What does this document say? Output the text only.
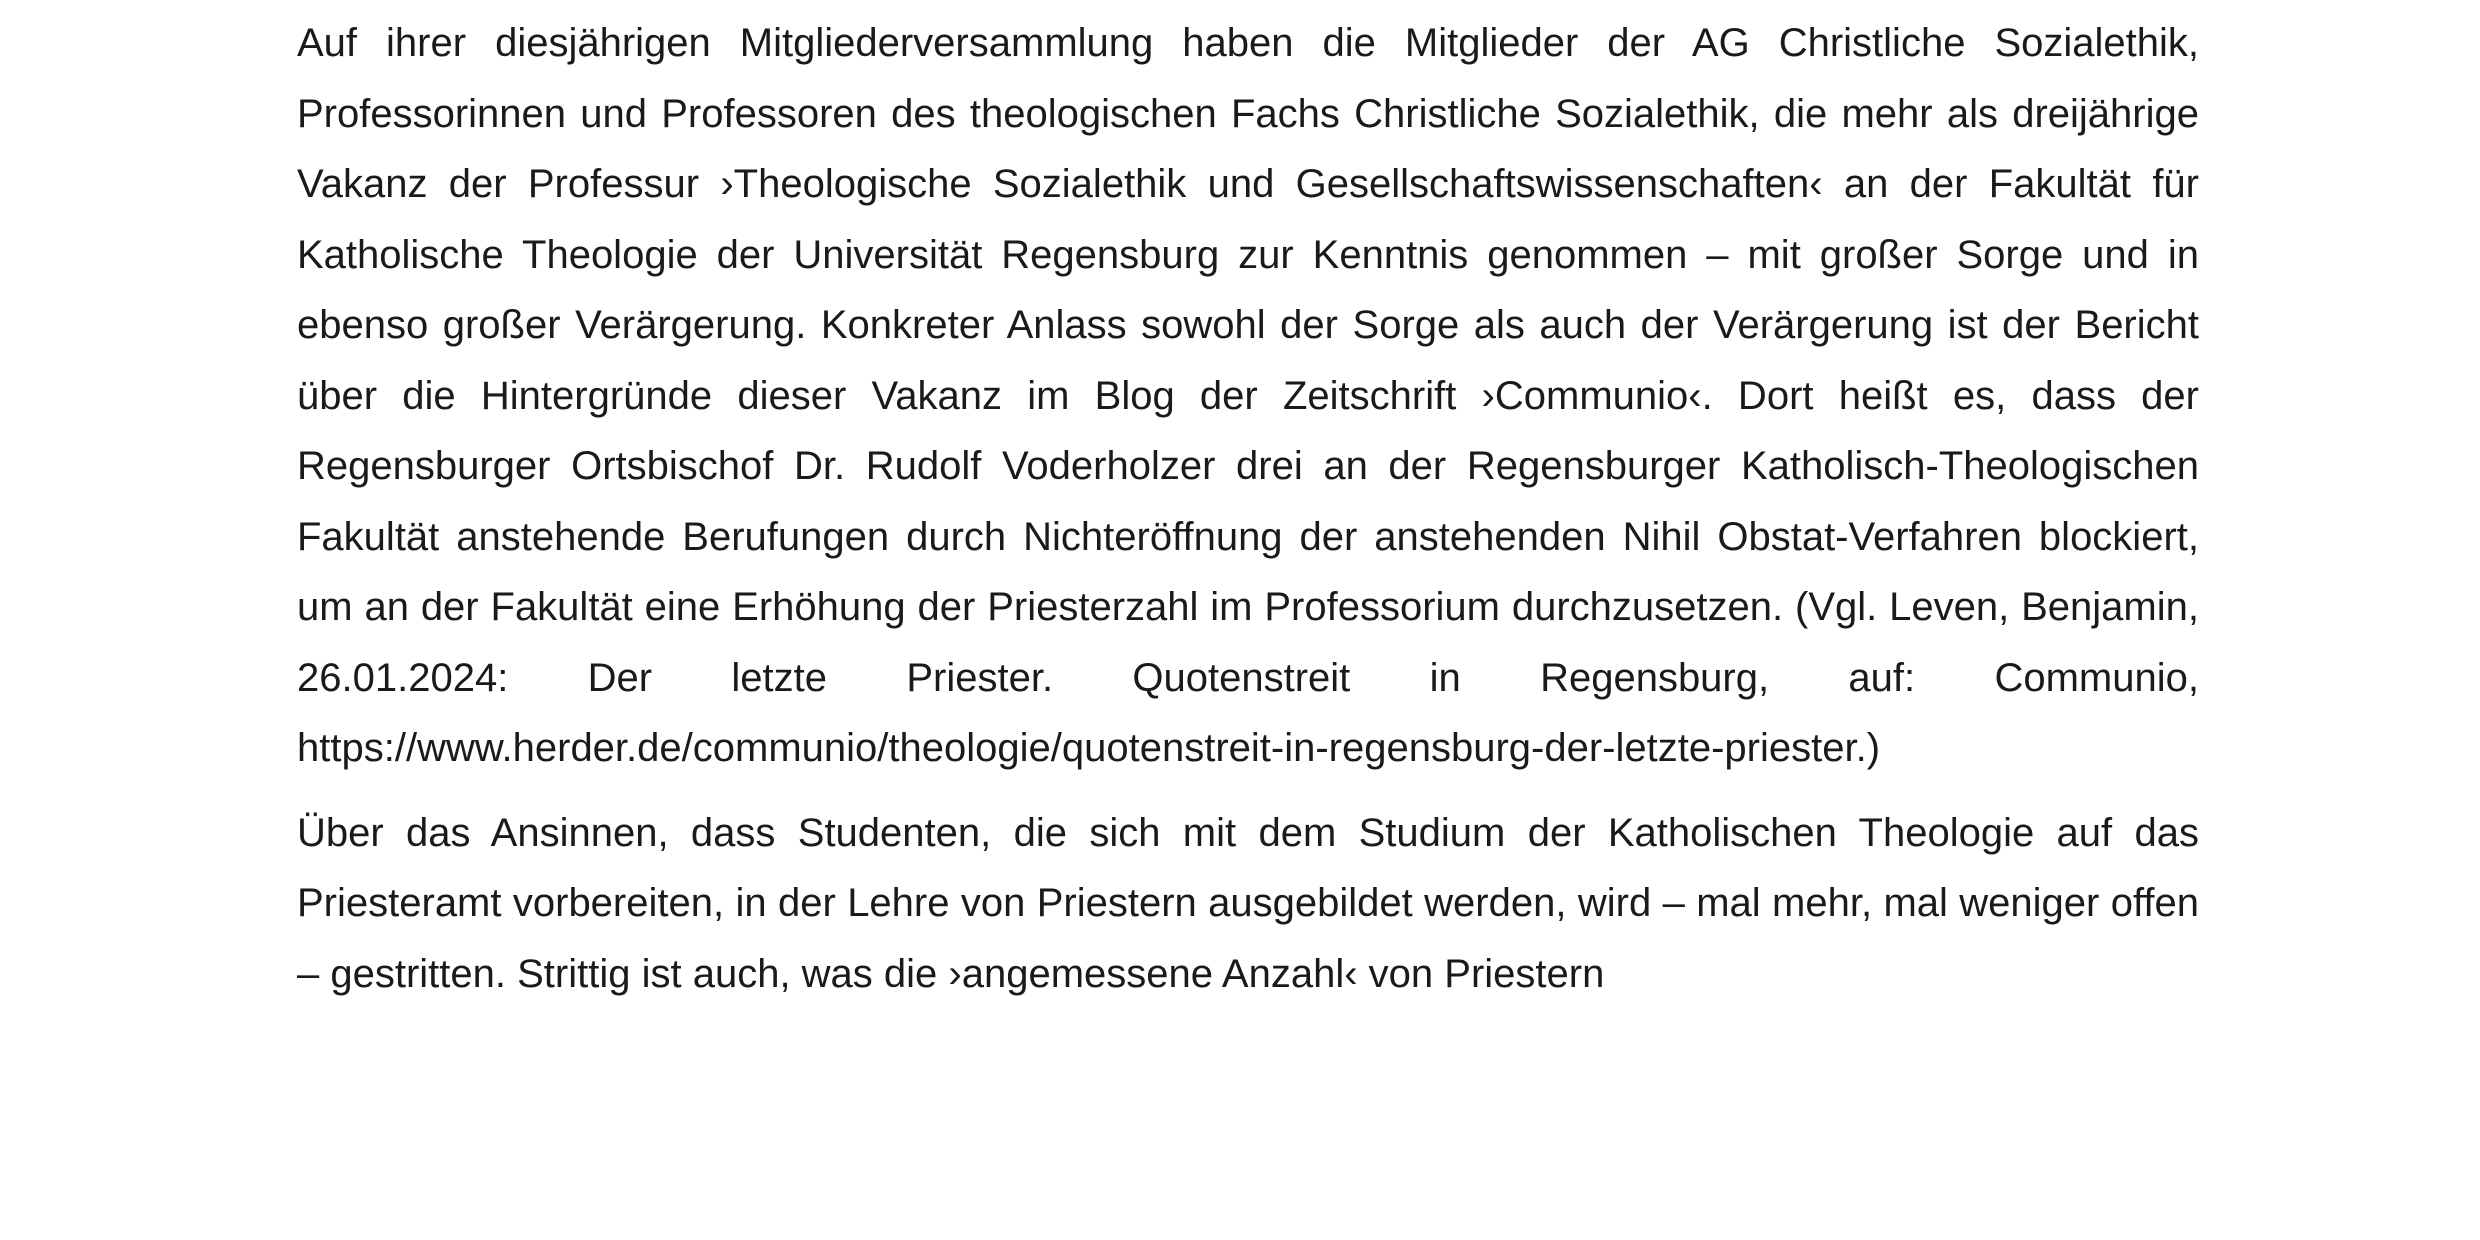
Auf ihrer diesjährigen Mitgliederversammlung haben die Mitglieder der AG Christliche Sozialethik, Professorinnen und Professoren des theologischen Fachs Christliche Sozialethik, die mehr als dreijährige Vakanz der Professur ›Theologische Sozialethik und Gesellschaftswissenschaften‹ an der Fakultät für Katholische Theologie der Universität Regensburg zur Kenntnis genommen – mit großer Sorge und in ebenso großer Verärgerung. Konkreter Anlass sowohl der Sorge als auch der Verärgerung ist der Bericht über die Hintergründe dieser Vakanz im Blog der Zeitschrift ›Communio‹. Dort heißt es, dass der Regensburger Ortsbischof Dr. Rudolf Voderholzer drei an der Regensburger Katholisch-Theologischen Fakultät anstehende Berufungen durch Nichteröffnung der anstehenden Nihil Obstat-Verfahren blockiert, um an der Fakultät eine Erhöhung der Priesterzahl im Professorium durchzusetzen. (Vgl. Leven, Benjamin, 26.01.2024: Der letzte Priester. Quotenstreit in Regensburg, auf: Communio, https://www.herder.de/communio/theologie/quotenstreit-in-regensburg-der-letzte-priester.)

Über das Ansinnen, dass Studenten, die sich mit dem Studium der Katholischen Theologie auf das Priesteramt vorbereiten, in der Lehre von Priestern ausgebildet werden, wird – mal mehr, mal weniger offen – gestritten. Strittig ist auch, was die ›angemessene Anzahl‹ von Priestern
